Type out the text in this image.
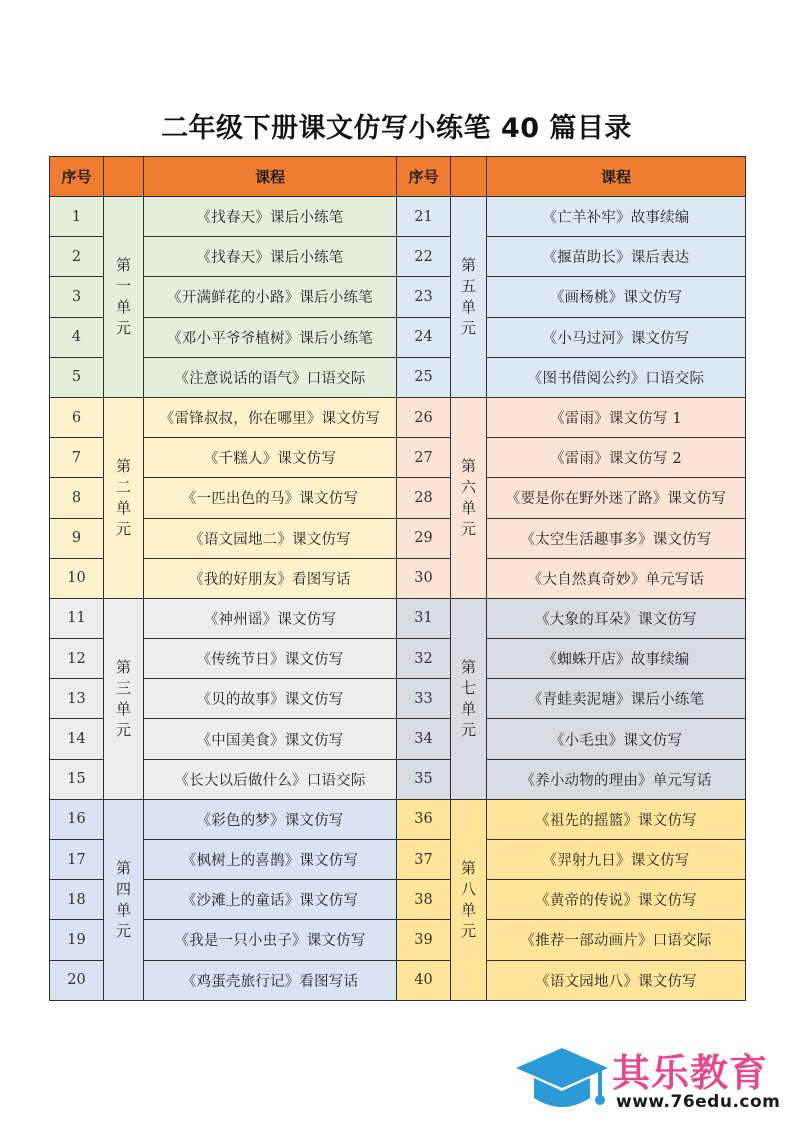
二年级下册课文仿写小练笔 40 篇目录
序号		课程	序号		课程
1	第一单元	《找春天》课后小练笔	21	第五单元	《亡羊补牢》故事续编
2		《找春天》课后小练笔	22		《揠苗助长》课后表达
3		《开满鲜花的小路》课后小练笔	23		《画杨桃》课文仿写
4		《邓小平爷爷植树》课后小练笔	24		《小马过河》课文仿写
5		《注意说话的语气》口语交际	25		《图书借阅公约》口语交际
6	第二单元	《雷锋叔叔，你在哪里》课文仿写	26	第六单元	《雷雨》课文仿写 1
7		《千糕人》课文仿写	27		《雷雨》课文仿写 2
8		《一匹出色的马》课文仿写	28		《要是你在野外迷了路》课文仿写
9		《语文园地二》课文仿写	29		《太空生活趣事多》课文仿写
10		《我的好朋友》看图写话	30		《大自然真奇妙》单元写话
11	第三单元	《神州谣》课文仿写	31	第七单元	《大象的耳朵》课文仿写
12		《传统节日》课文仿写	32		《蜘蛛开店》故事续编
13		《贝的故事》课文仿写	33		《青蛙卖泥塘》课后小练笔
14		《中国美食》课文仿写	34		《小毛虫》课文仿写
15		《长大以后做什么》口语交际	35		《养小动物的理由》单元写话
16	第四单元	《彩色的梦》课文仿写	36	第八单元	《祖先的摇篮》课文仿写
17		《枫树上的喜鹊》课文仿写	37		《羿射九日》课文仿写
18		《沙滩上的童话》课文仿写	38		《黄帝的传说》课文仿写
19		《我是一只小虫子》课文仿写	39		《推荐一部动画片》口语交际
20		《鸡蛋壳旅行记》看图写话	40		《语文园地八》课文仿写
其乐教育
www.76edu.com
